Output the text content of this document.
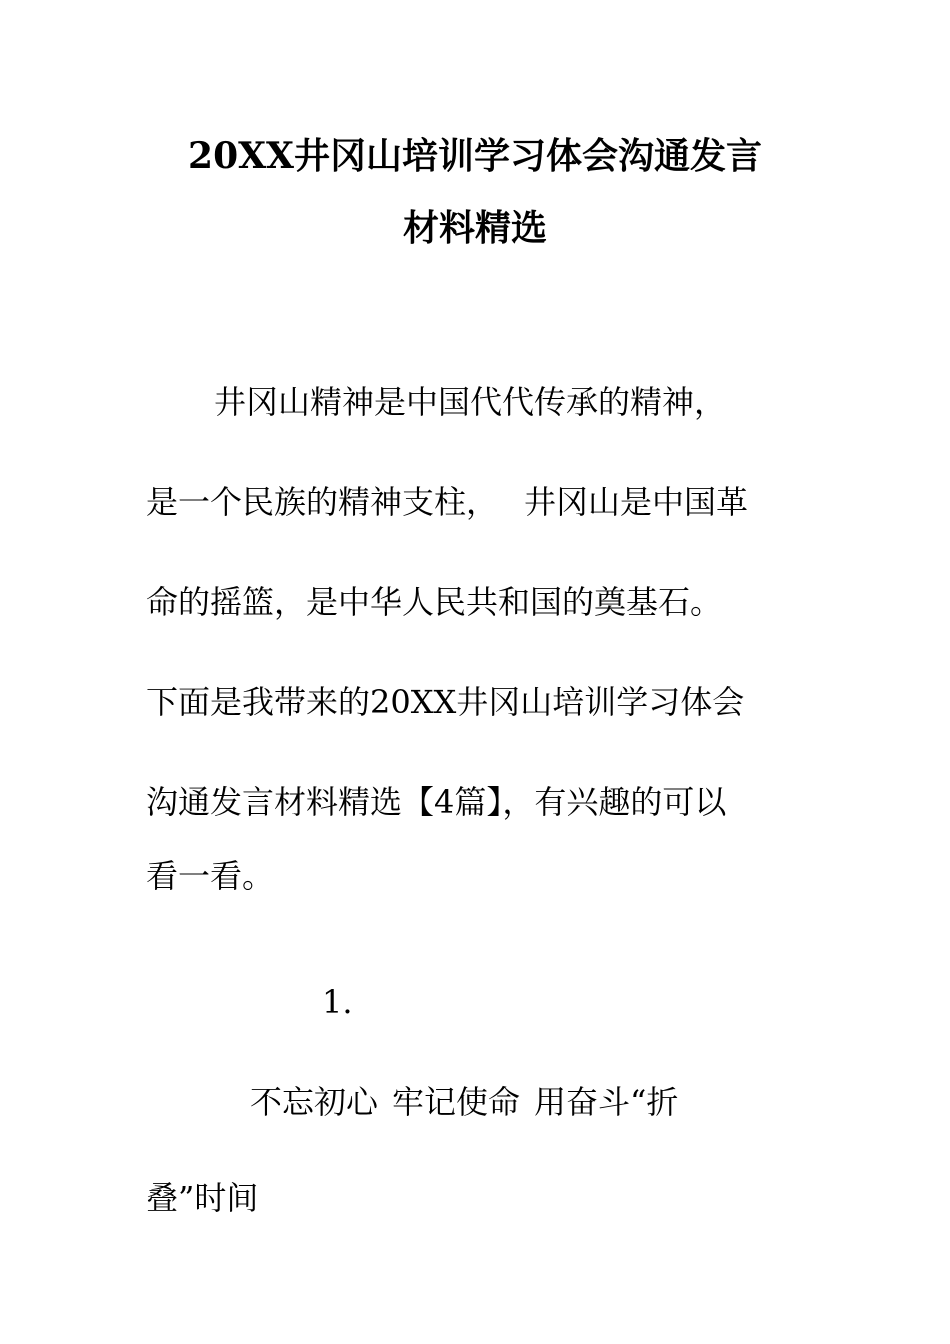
20XX井冈山培训学习体会沟通发言
材料精选
井冈山精神是中国代代传承的精神，
是一个民族的精神支柱， 井冈山是中国革
命的摇篮，是中华人民共和国的奠基石。
下面是我带来的20XX井冈山培训学习体会
沟通发言材料精选【4篇】，有兴趣的可以
看一看。
1.
不忘初心 牢记使命 用奋斗“折
叠”时间
